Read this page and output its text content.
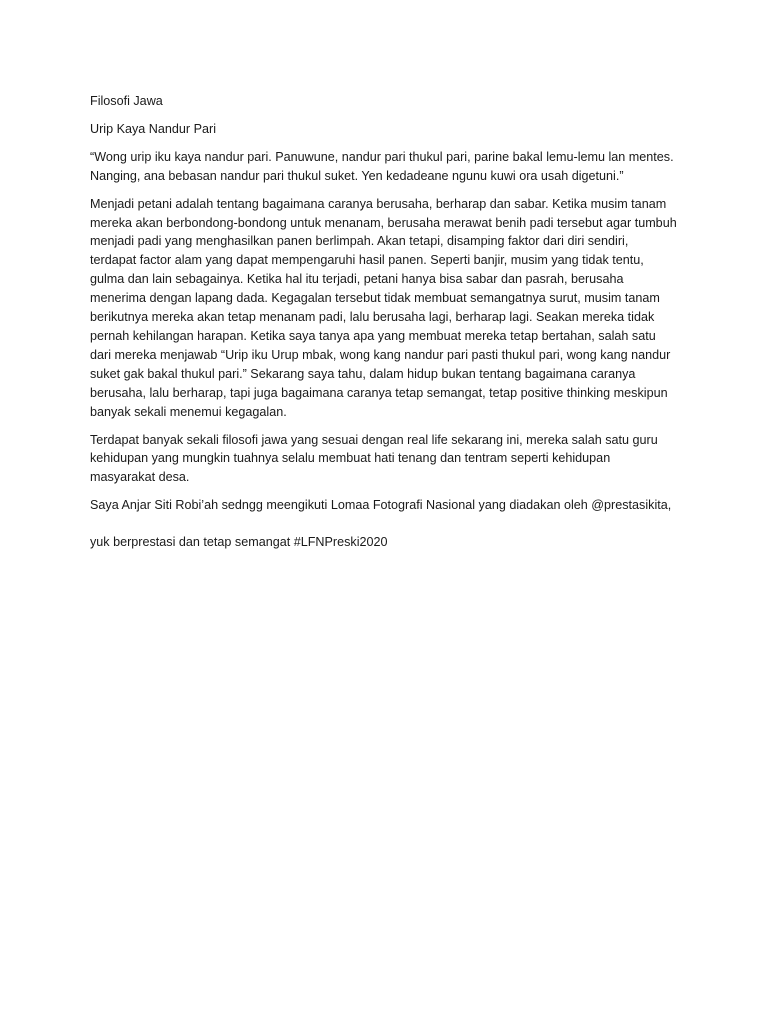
Filosofi Jawa

Urip Kaya Nandur Pari

“Wong urip iku kaya nandur pari. Panuwune, nandur pari thukul pari, parine bakal lemu-lemu lan mentes. Nanging, ana bebasan nandur pari thukul suket. Yen kedadeane ngunu kuwi ora usah digetuni.”

Menjadi petani adalah tentang bagaimana caranya berusaha, berharap dan sabar. Ketika musim tanam mereka akan berbondong-bondong untuk menanam, berusaha merawat benih padi tersebut agar tumbuh menjadi padi yang menghasilkan panen berlimpah. Akan tetapi, disamping faktor dari diri sendiri, terdapat factor alam yang dapat mempengaruhi hasil panen. Seperti banjir, musim yang tidak tentu, gulma dan lain sebagainya. Ketika hal itu terjadi, petani hanya bisa sabar dan pasrah, berusaha menerima dengan lapang dada. Kegagalan tersebut tidak membuat semangatnya surut, musim tanam berikutnya mereka akan tetap menanam padi, lalu berusaha lagi, berharap lagi. Seakan mereka tidak pernah kehilangan harapan. Ketika saya tanya apa yang membuat mereka tetap bertahan, salah satu dari mereka menjawab “Urip iku Urup mbak, wong kang nandur pari pasti thukul pari, wong kang nandur suket gak bakal thukul pari.” Sekarang saya tahu, dalam hidup bukan tentang bagaimana caranya berusaha, lalu berharap, tapi juga bagaimana caranya tetap semangat, tetap positive thinking meskipun banyak sekali menemui kegagalan.

Terdapat banyak sekali filosofi jawa yang sesuai dengan real life sekarang ini, mereka salah satu guru kehidupan yang mungkin tuahnya selalu membuat hati tenang dan tentram seperti kehidupan masyarakat desa.

Saya Anjar Siti Robi’ah sedngg meengikuti Lomaa Fotografi Nasional yang diadakan oleh @prestasikita,

yuk berprestasi dan tetap semangat #LFNPreski2020
